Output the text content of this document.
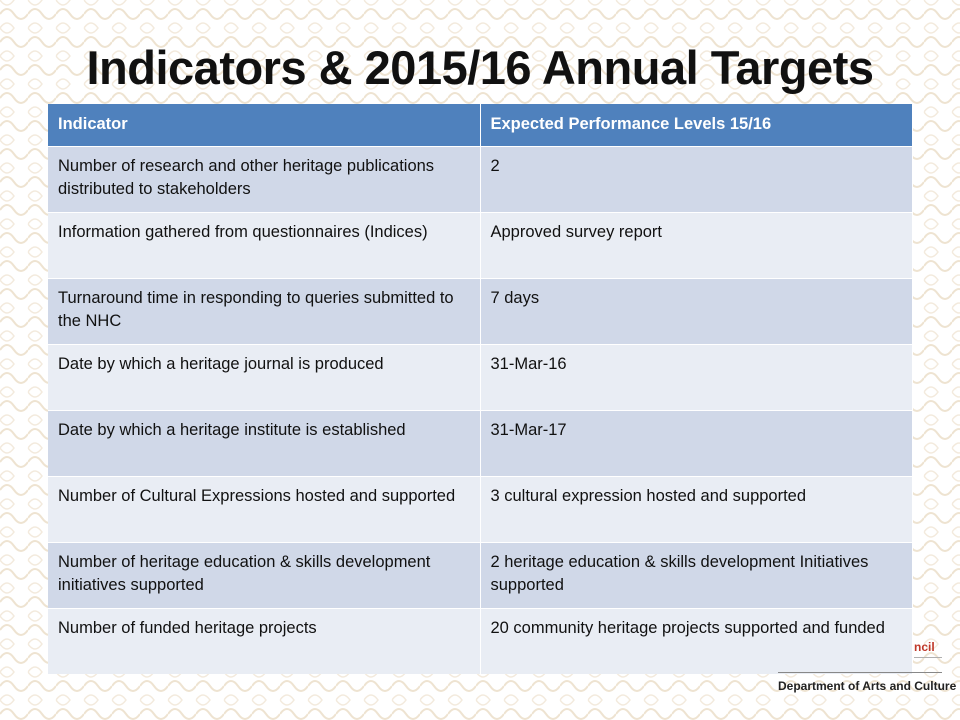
Indicators & 2015/16 Annual Targets
Indicator	Expected Performance Levels 15/16
Number of research and other heritage publications distributed to stakeholders	2
Information gathered from questionnaires (Indices)	Approved survey report
Turnaround time in responding to queries submitted to the NHC	7 days
Date by which a heritage journal is produced	31-Mar-16
Date by which a heritage institute is established	31-Mar-17
Number of Cultural Expressions hosted and supported	3 cultural expression hosted and supported
Number of heritage education & skills development initiatives supported	2 heritage education & skills development Initiatives supported
Number of funded heritage projects	20 community heritage projects supported and funded
ncil
Department of Arts and Culture
